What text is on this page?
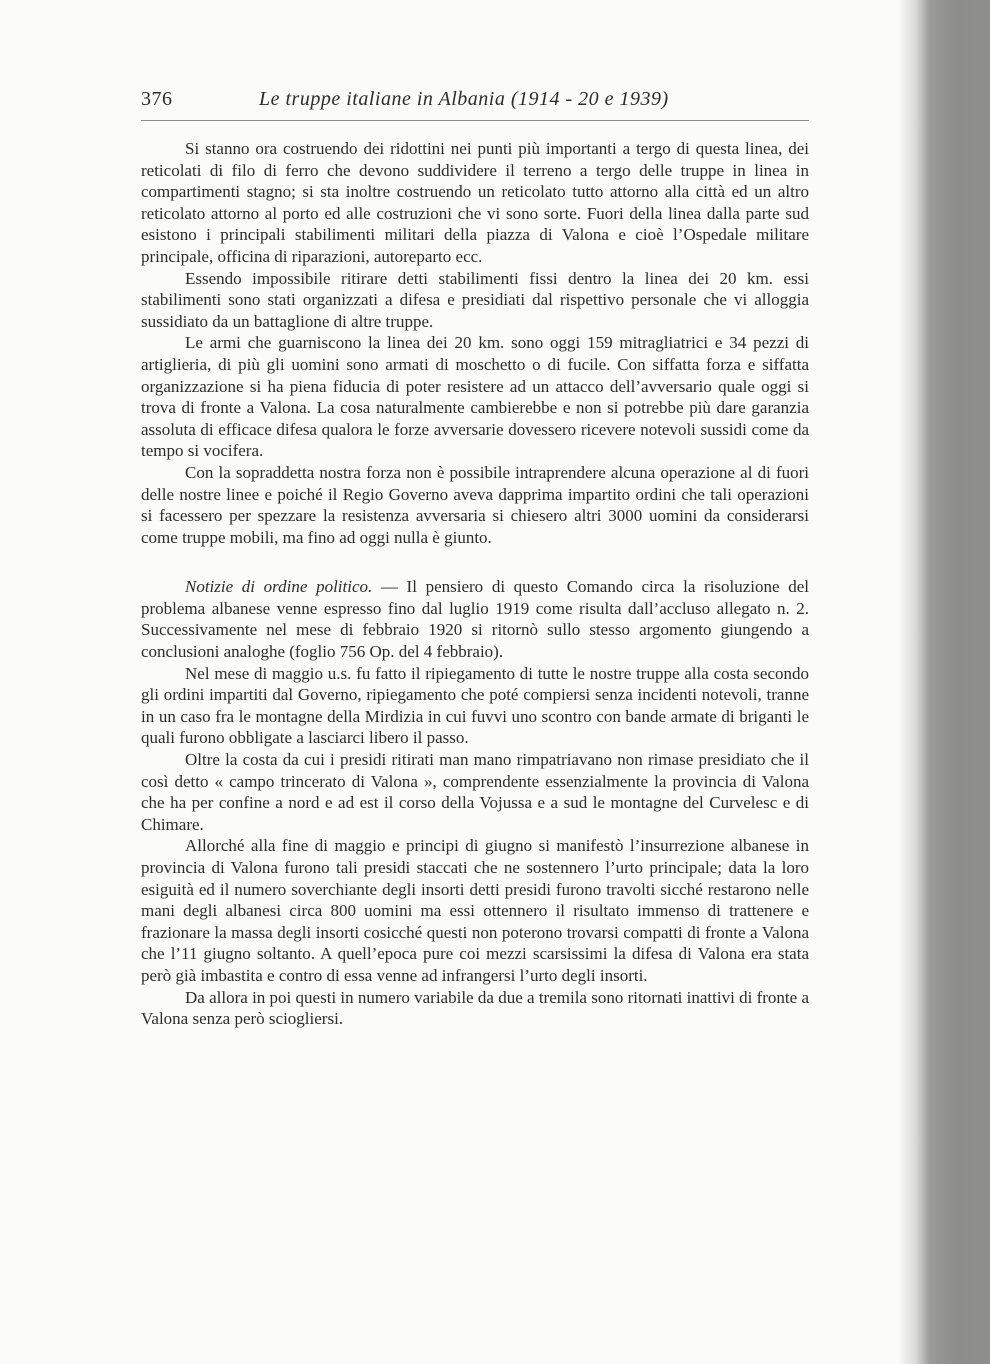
376	Le truppe italiane in Albania (1914 - 20 e 1939)

Si stanno ora costruendo dei ridottini nei punti più importanti a tergo di questa linea, dei reticolati di filo di ferro che devono suddividere il terreno a tergo delle truppe in linea in compartimenti stagno; si sta inoltre costruendo un reticolato tutto attorno alla città ed un altro reticolato attorno al porto ed alle costruzioni che vi sono sorte. Fuori della linea dalla parte sud esistono i principali stabilimenti militari della piazza di Valona e cioè l’Ospedale militare principale, officina di riparazioni, autoreparto ecc.

Essendo impossibile ritirare detti stabilimenti fissi dentro la linea dei 20 km. essi stabilimenti sono stati organizzati a difesa e presidiati dal rispettivo personale che vi alloggia sussidiato da un battaglione di altre truppe.

Le armi che guarniscono la linea dei 20 km. sono oggi 159 mitragliatrici e 34 pezzi di artiglieria, di più gli uomini sono armati di moschetto o di fucile. Con siffatta forza e siffatta organizzazione si ha piena fiducia di poter resistere ad un attacco dell’avversario quale oggi si trova di fronte a Valona. La cosa naturalmente cambierebbe e non si potrebbe più dare garanzia assoluta di efficace difesa qualora le forze avversarie dovessero ricevere notevoli sussidi come da tempo si vocifera.

Con la sopraddetta nostra forza non è possibile intraprendere alcuna operazione al di fuori delle nostre linee e poiché il Regio Governo aveva dapprima impartito ordini che tali operazioni si facessero per spezzare la resistenza avversaria si chiesero altri 3000 uomini da considerarsi come truppe mobili, ma fino ad oggi nulla è giunto.

Notizie di ordine politico. — Il pensiero di questo Comando circa la risoluzione del problema albanese venne espresso fino dal luglio 1919 come risulta dall’accluso allegato n. 2. Successivamente nel mese di febbraio 1920 si ritornò sullo stesso argomento giungendo a conclusioni analoghe (foglio 756 Op. del 4 febbraio).

Nel mese di maggio u.s. fu fatto il ripiegamento di tutte le nostre truppe alla costa secondo gli ordini impartiti dal Governo, ripiegamento che poté compiersi senza incidenti notevoli, tranne in un caso fra le montagne della Mirdizia in cui fuvvi uno scontro con bande armate di briganti le quali furono obbligate a lasciarci libero il passo.

Oltre la costa da cui i presidi ritirati man mano rimpatriavano non rimase presidiato che il così detto « campo trincerato di Valona », comprendente essenzialmente la provincia di Valona che ha per confine a nord e ad est il corso della Vojussa e a sud le montagne del Curvelesc e di Chimare.

Allorché alla fine di maggio e principi di giugno si manifestò l’insurrezione albanese in provincia di Valona furono tali presidi staccati che ne sostennero l’urto principale; data la loro esiguità ed il numero soverchiante degli insorti detti presidi furono travolti sicché restarono nelle mani degli albanesi circa 800 uomini ma essi ottennero il risultato immenso di trattenere e frazionare la massa degli insorti cosicché questi non poterono trovarsi compatti di fronte a Valona che l’11 giugno soltanto. A quell’epoca pure coi mezzi scarsissimi la difesa di Valona era stata però già imbastita e contro di essa venne ad infrangersi l’urto degli insorti.

Da allora in poi questi in numero variabile da due a tremila sono ritornati inattivi di fronte a Valona senza però sciogliersi.
